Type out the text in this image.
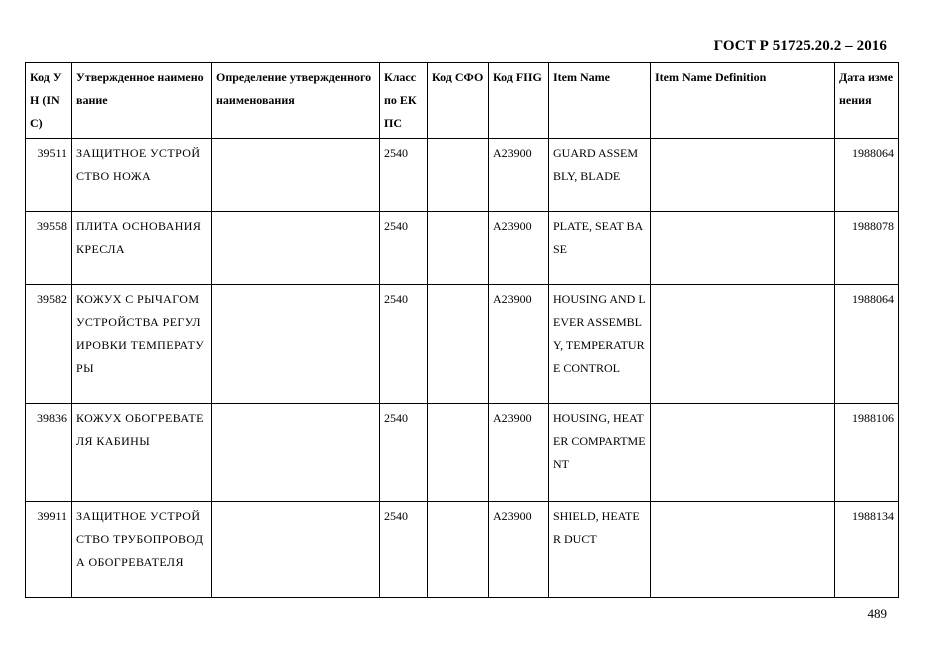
ГОСТ Р 51725.20.2 – 2016
Код УН (INC)	Утвержденное наименование	Определение утвержденного наименования	Класс по ЕКПС	Код СФО	Код FIIG	Item Name	Item Name Definition	Дата изменения
39511	ЗАЩИТНОЕ УСТРОЙСТВО НОЖА		2540		A23900	GUARD ASSEMBLY, BLADE		1988064
39558	ПЛИТА ОСНОВАНИЯ КРЕСЛА		2540		A23900	PLATE, SEAT BASE		1988078
39582	КОЖУХ С РЫЧАГОМ УСТРОЙСТВА РЕГУЛИРОВКИ ТЕМПЕРАТУРЫ		2540		A23900	HOUSING AND LEVER ASSEMBLY, TEMPERATURE CONTROL		1988064
39836	КОЖУХ ОБОГРЕВАТЕЛЯ КАБИНЫ		2540		A23900	HOUSING, HEATER COMPARTMENT		1988106
39911	ЗАЩИТНОЕ УСТРОЙСТВО ТРУБОПРОВОДА ОБОГРЕВАТЕЛЯ		2540		A23900	SHIELD, HEATER DUCT		1988134
489
